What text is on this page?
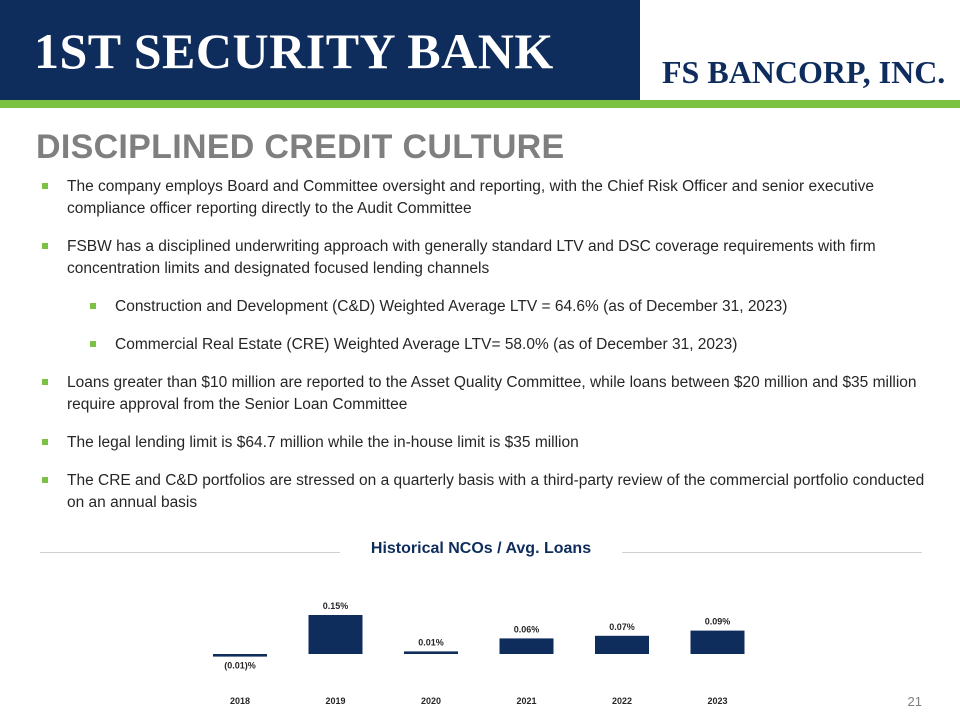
1ST SECURITY BANK	FS BANCORP, INC.
DISCIPLINED CREDIT CULTURE
The company employs Board and Committee oversight and reporting, with the Chief Risk Officer and senior executive compliance officer reporting directly to the Audit Committee
FSBW has a disciplined underwriting approach with generally standard LTV and DSC coverage requirements with firm concentration limits and designated focused lending channels
Construction and Development (C&D) Weighted Average LTV = 64.6% (as of December 31, 2023)
Commercial Real Estate (CRE) Weighted Average LTV= 58.0% (as of December 31, 2023)
Loans greater than $10 million are reported to the Asset Quality Committee, while loans between $20 million and $35 million require approval from the Senior Loan Committee
The legal lending limit is $64.7 million while the in-house limit is $35 million
The CRE and C&D portfolios are stressed on a quarterly basis with a third-party review of the commercial portfolio conducted on an annual basis
Historical NCOs / Avg. Loans
(0.01)%
2018
0.15%
2019
0.01%
2020
0.06%
2021
0.07%
2022
0.09%
2023	21
